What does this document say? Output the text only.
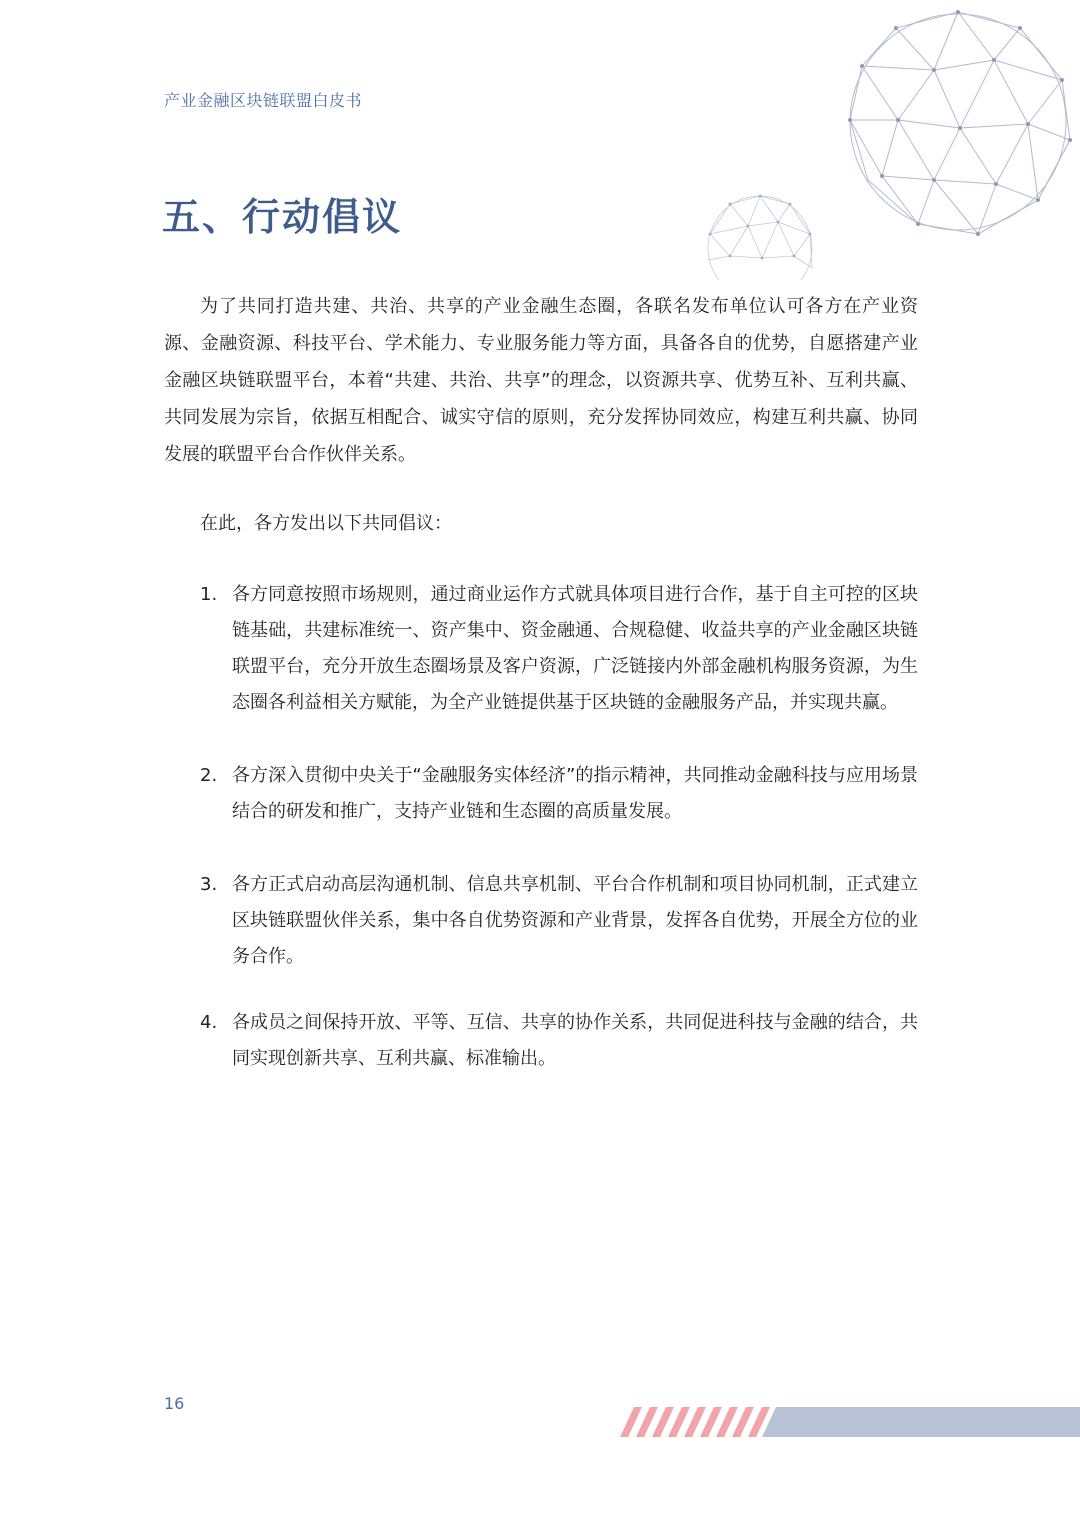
产业金融区块链联盟白皮书
五、行动倡议

为了共同打造共建、共治、共享的产业金融生态圈，各联名发布单位认可各方在产业资源、金融资源、科技平台、学术能力、专业服务能力等方面，具备各自的优势，自愿搭建产业金融区块链联盟平台，本着“共建、共治、共享”的理念，以资源共享、优势互补、互利共赢、共同发展为宗旨，依据互相配合、诚实守信的原则，充分发挥协同效应，构建互利共赢、协同发展的联盟平台合作伙伴关系。

在此，各方发出以下共同倡议：

1. 各方同意按照市场规则，通过商业运作方式就具体项目进行合作，基于自主可控的区块链基础，共建标准统一、资产集中、资金融通、合规稳健、收益共享的产业金融区块链联盟平台，充分开放生态圈场景及客户资源，广泛链接内外部金融机构服务资源，为生态圈各利益相关方赋能，为全产业链提供基于区块链的金融服务产品，并实现共赢。
2. 各方深入贯彻中央关于“金融服务实体经济”的指示精神，共同推动金融科技与应用场景结合的研发和推广，支持产业链和生态圈的高质量发展。
3. 各方正式启动高层沟通机制、信息共享机制、平台合作机制和项目协同机制，正式建立区块链联盟伙伴关系，集中各自优势资源和产业背景，发挥各自优势，开展全方位的业务合作。
4. 各成员之间保持开放、平等、互信、共享的协作关系，共同促进科技与金融的结合，共同实现创新共享、互利共赢、标准输出。
16
